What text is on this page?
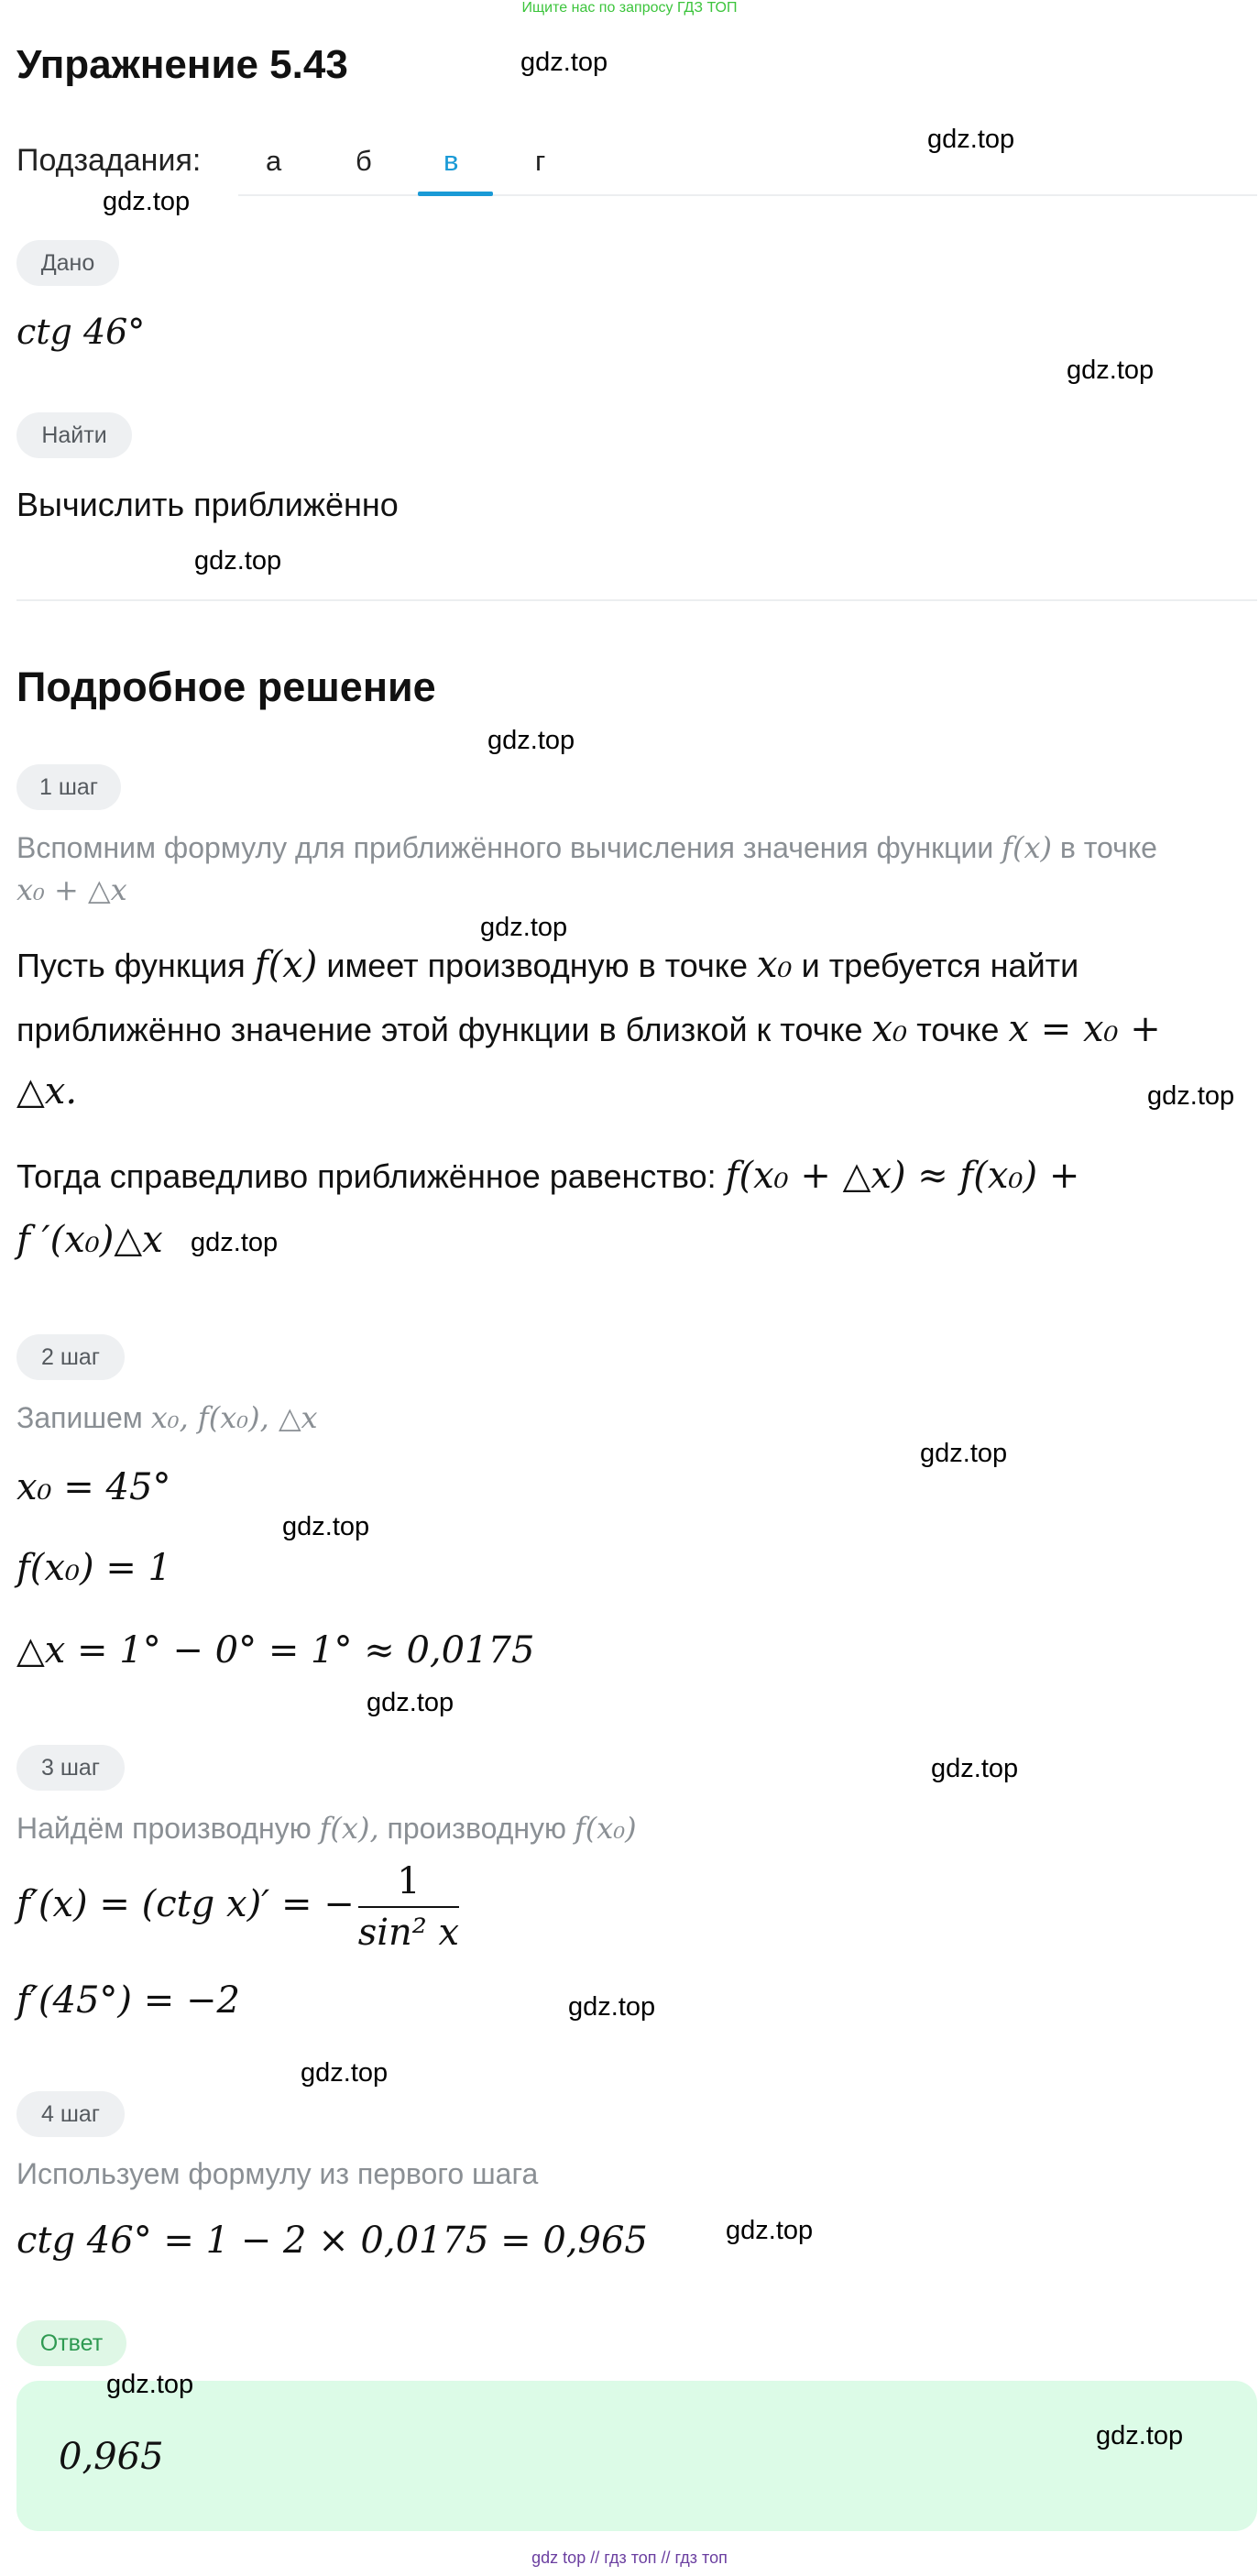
Ищите нас по запросу ГДЗ ТОП
Упражнение 5.43
Подзадания: а	б	в	г
Дано
ctg 46°
Найти
Вычислить приближённо
Подробное решение
1 шаг
Вспомним формулу для приближённого вычисления значения функции f(x) в точке
x₀ + △x
Пусть функция f(x) имеет производную в точке x₀ и требуется найти
приближённо значение этой функции в близкой к точке x₀ точке x = x₀ +
△x.
Тогда справедливо приближённое равенство: f(x₀ + △x) ≈ f(x₀) +
f ′(x₀)△x
2 шаг
Запишем x₀, f(x₀), △x
x₀ = 45°
f(x₀) = 1
△x = 1° − 0° = 1° ≈ 0,0175
3 шаг
Найдём производную f(x), производную f(x₀)
f′(x) = (ctg x)′ = − $\frac{1}{\text{sin² x}}$
f′(45°) = −2
4 шаг
Используем формулу из первого шага
ctg 46° = 1 − 2 × 0,0175 = 0,965
Ответ
0,965
gdz.top
gdz.top
gdz.top
gdz.top
gdz.top
gdz.top
gdz.top
gdz.top
gdz.top
gdz.top
gdz.top
gdz.top
gdz.top
gdz.top
gdz.top
gdz.top
gdz.top
gdz.top
gdz top // гдз топ // гдз топ
